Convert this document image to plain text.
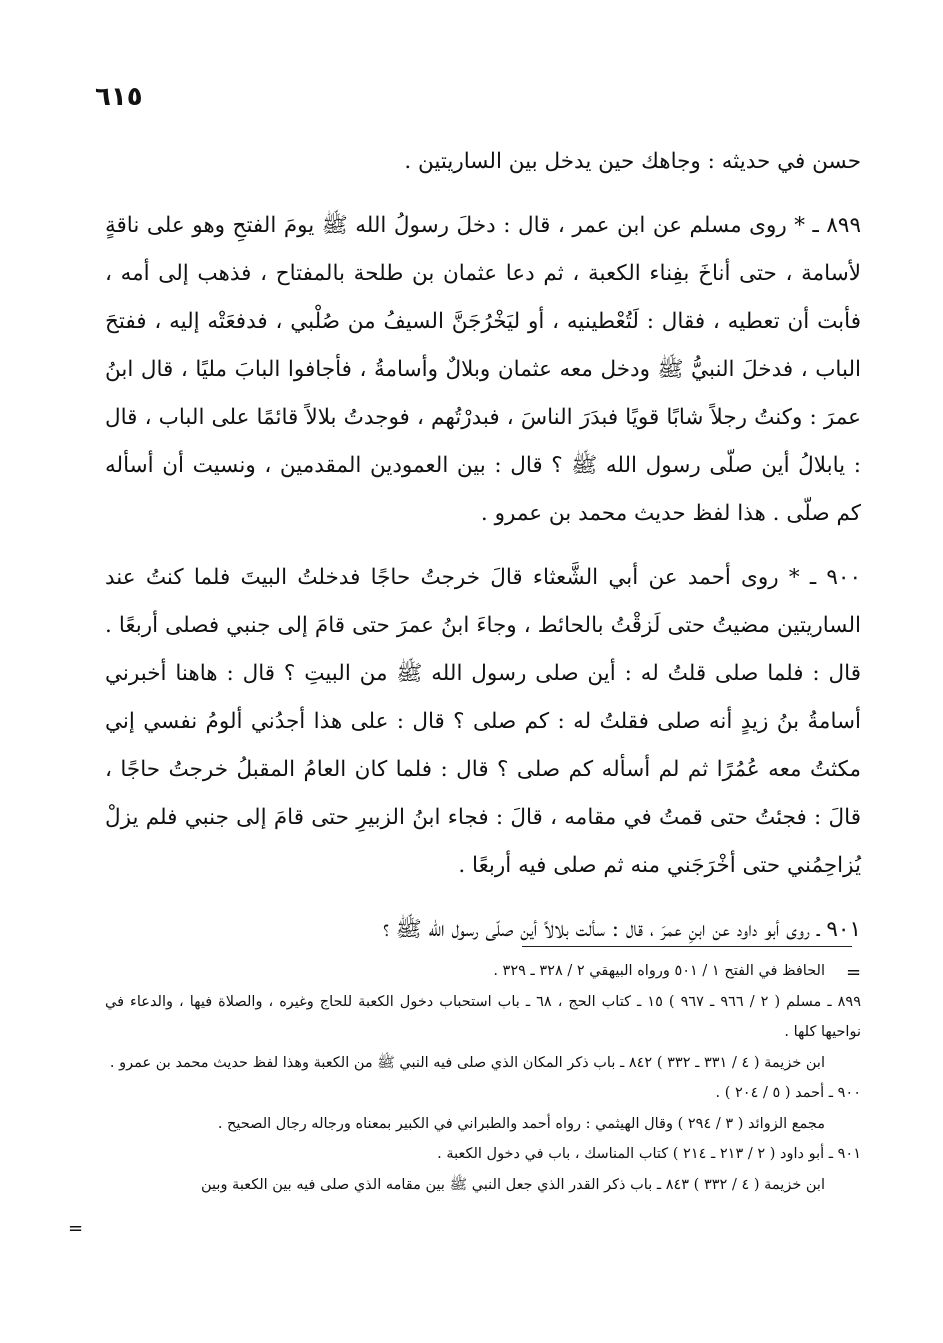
٦١٥

حسن في حديثه : وجاهك حين يدخل بين الساريتين .

٨٩٩ ـ * روى مسلم عن ابن عمر ، قال : دخلَ رسولُ الله ﷺ يومَ الفتحِ وهو على ناقةٍ لأسامة ، حتى أناخَ بفِناء الكعبة ، ثم دعا عثمان بن طلحة بالمفتاح ، فذهب إلى أمه ، فأبت أن تعطيه ، فقال : لَتُعْطينيه ، أو ليَخْرُجَنَّ السيفُ من صُلْبي ، فدفعَتْه إليه ، ففتحَ الباب ، فدخلَ النبيُّ ﷺ ودخل معه عثمان وبلالٌ وأسامةُ ، فأجافوا البابَ مليًا ، قال ابنُ عمرَ : وكنتُ رجلاً شابًا قويًا فبدَرَ الناسَ ، فبدرْتُهم ، فوجدتُ بلالاً قائمًا على الباب ، قال : يابلالُ أين صلّى رسول الله ﷺ ؟ قال : بين العمودين المقدمين ، ونسيت أن أسأله كم صلّى . هذا لفظ حديث محمد بن عمرو .

٩٠٠ ـ * روى أحمد عن أبي الشَّعثاء قالَ خرجتُ حاجًا فدخلتُ البيتَ فلما كنتُ عند الساريتين مضيتُ حتى لَزقْتُ بالحائط ، وجاءَ ابنُ عمرَ حتى قامَ إلى جنبي فصلى أربعًا . قال : فلما صلى قلتُ له : أين صلى رسول الله ﷺ من البيتِ ؟ قال : هاهنا أخبرني أسامةُ بنُ زيدٍ أنه صلى فقلتُ له : كم صلى ؟ قال : على هذا أجدُني ألومُ نفسي إني مكثتُ معه عُمُرًا ثم لم أسأله كم صلى ؟ قال : فلما كان العامُ المقبلُ خرجتُ حاجًا ، قالَ : فجئتُ حتى قمتُ في مقامه ، قالَ : فجاء ابنُ الزبيرِ حتى قامَ إلى جنبي فلم يزلْ يُزاحِمُني حتى أخْرَجَني منه ثم صلى فيه أربعًا .

٩٠١ ـ روى أبو داود عن ابنِ عمرَ ، قال : سألت بلالاً أين صلّى رسول الله ﷺ ؟

=

الحافظ في الفتح ١ / ٥٠١ ورواه البيهقي ٢ / ٣٢٨ ـ ٣٢٩ .

٨٩٩ ـ مسلم ( ٢ / ٩٦٦ ـ ٩٦٧ ) ١٥ ـ كتاب الحج ، ٦٨ ـ باب استحباب دخول الكعبة للحاج وغيره ، والصلاة فيها ، والدعاء في نواحيها كلها .

ابن خزيمة ( ٤ / ٣٣١ ـ ٣٣٢ ) ٨٤٢ ـ باب ذكر المكان الذي صلى فيه النبي ﷺ من الكعبة وهذا لفظ حديث محمد بن عمرو .

٩٠٠ ـ أحمد ( ٥ / ٢٠٤ ) .

مجمع الزوائد ( ٣ / ٢٩٤ ) وقال الهيثمي : رواه أحمد والطبراني في الكبير بمعناه ورجاله رجال الصحيح .

٩٠١ ـ أبو داود ( ٢ / ٢١٣ ـ ٢١٤ ) كتاب المناسك ، باب في دخول الكعبة .

ابن خزيمة ( ٤ / ٣٣٢ ) ٨٤٣ ـ باب ذكر القدر الذي جعل النبي ﷺ بين مقامه الذي صلى فيه بين الكعبة وبين

=
